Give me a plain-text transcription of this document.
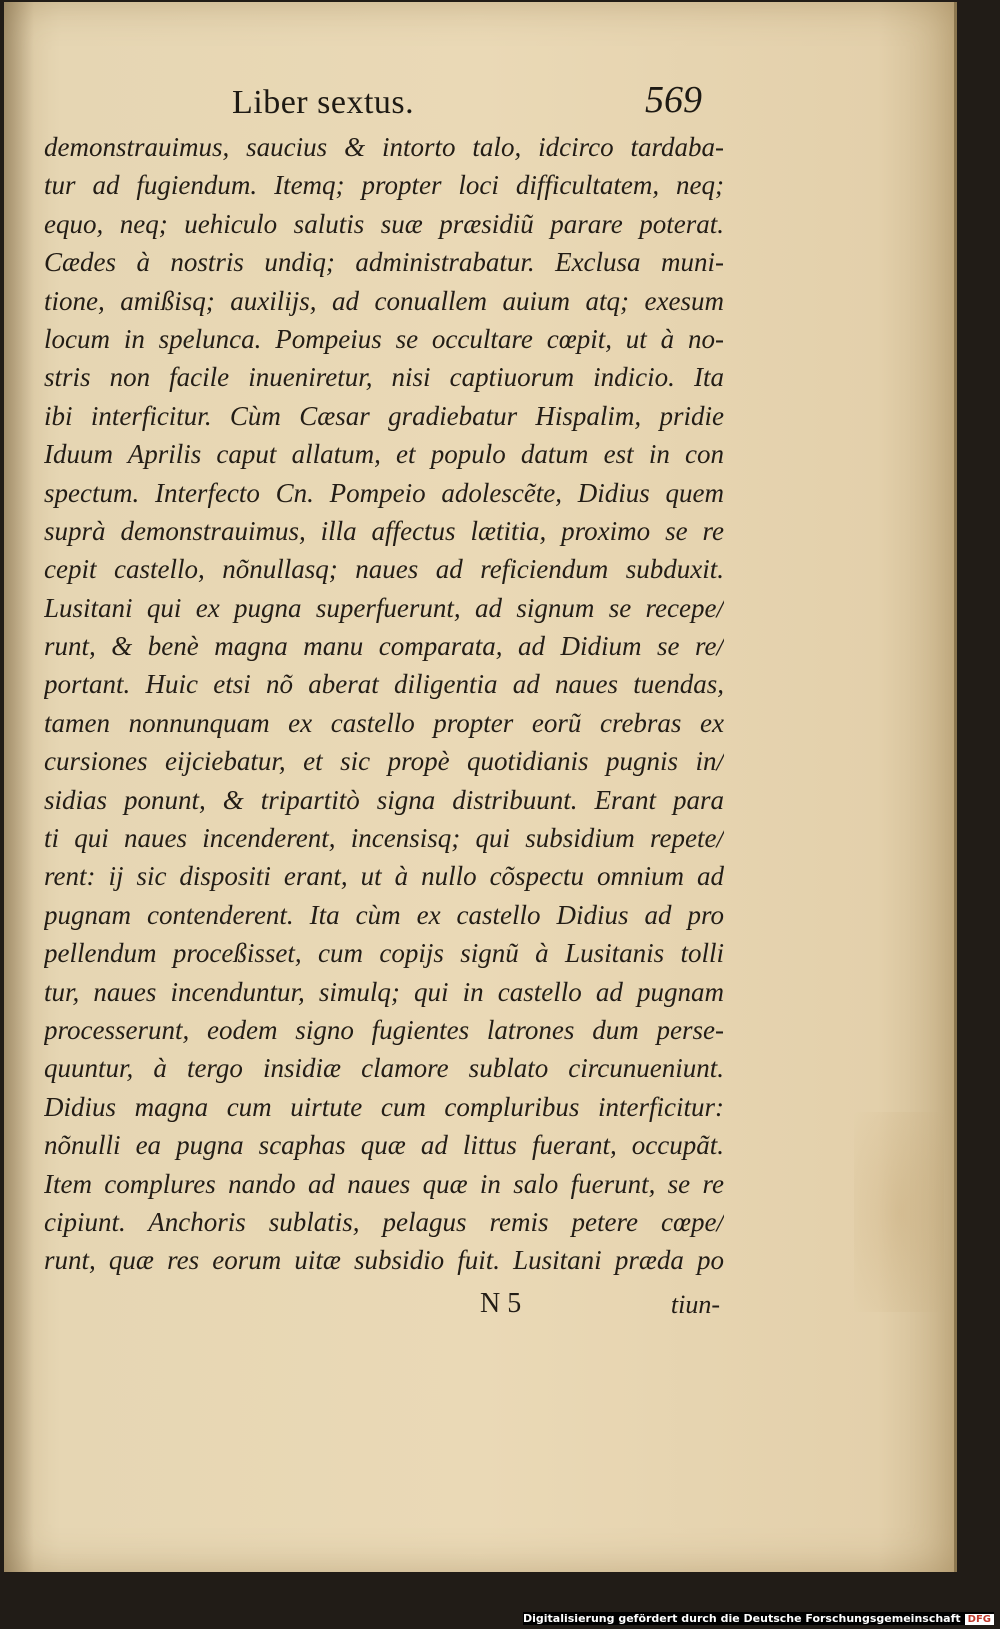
Liber sextus.	569
demonstrauimus, saucius & intorto talo, idcirco tardaba-
tur ad fugiendum. Itemq; propter loci difficultatem, neq;
equo, neq; uehiculo salutis suæ præsidiũ parare poterat.
Cædes à nostris undiq; administrabatur. Exclusa muni-
tione, amißisq; auxilijs, ad conuallem auium atq; exesum
locum in spelunca. Pompeius se occultare cœpit, ut à no-
stris non facile inueniretur, nisi captiuorum indicio. Ita
ibi interficitur. Cùm Cæsar gradiebatur Hispalim, pridie
Iduum Aprilis caput allatum, et populo datum est in con
spectum. Interfecto Cn. Pompeio adolescẽte, Didius quem
suprà demonstrauimus, illa affectus lætitia, proximo se re
cepit castello, nõnullasq; naues ad reficiendum subduxit.
Lusitani qui ex pugna superfuerunt, ad signum se recepe/
runt, & benè magna manu comparata, ad Didium se re/
portant. Huic etsi nõ aberat diligentia ad naues tuendas,
tamen nonnunquam ex castello propter eorũ crebras ex
cursiones eijciebatur, et sic propè quotidianis pugnis in/
sidias ponunt, & tripartitò signa distribuunt. Erant para
ti qui naues incenderent, incensisq; qui subsidium repete/
rent: ij sic dispositi erant, ut à nullo cõspectu omnium ad
pugnam contenderent. Ita cùm ex castello Didius ad pro
pellendum proceßisset, cum copijs signũ à Lusitanis tolli
tur, naues incenduntur, simulq; qui in castello ad pugnam
processerunt, eodem signo fugientes latrones dum perse-
quuntur, à tergo insidiæ clamore sublato circunueniunt.
Didius magna cum uirtute cum compluribus interficitur:
nõnulli ea pugna scaphas quæ ad littus fuerant, occupãt.
Item complures nando ad naues quæ in salo fuerunt, se re
cipiunt. Anchoris sublatis, pelagus remis petere cœpe/
runt, quæ res eorum uitæ subsidio fuit. Lusitani præda po
N 5	tiun-
Digitalisierung gefördert durch die Deutsche Forschungsgemeinschaft DFG
